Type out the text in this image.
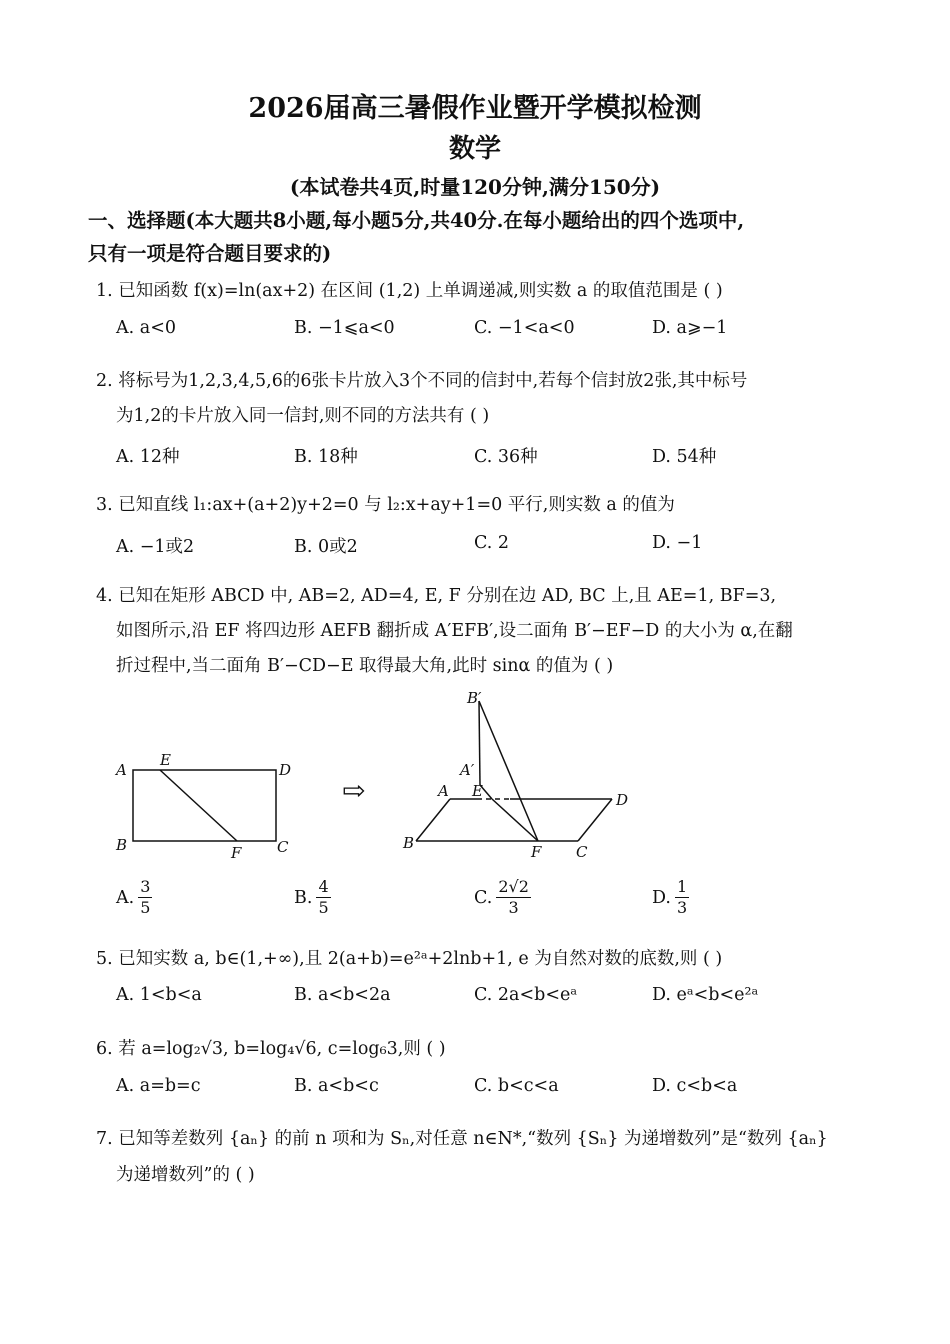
2026届高三暑假作业暨开学模拟检测
数学
(本试卷共4页,时量120分钟,满分150分)
一、选择题(本大题共8小题,每小题5分,共40分.在每小题给出的四个选项中,
只有一项是符合题目要求的)
1. 已知函数 f(x)=ln(ax+2) 在区间 (1,2) 上单调递减,则实数 a 的取值范围是 ( )
A. a<0	B. −1⩽a<0	C. −1<a<0	D. a⩾−1
2. 将标号为1,2,3,4,5,6的6张卡片放入3个不同的信封中,若每个信封放2张,其中标号
为1,2的卡片放入同一信封,则不同的方法共有 ( )
A. 12种	B. 18种	C. 36种	D. 54种
3. 已知直线 l₁:ax+(a+2)y+2=0 与 l₂:x+ay+1=0 平行,则实数 a 的值为
A. −1或2	B. 0或2	C. 2	D. −1
4. 已知在矩形 ABCD 中, AB=2, AD=4, E, F 分别在边 AD, BC 上,且 AE=1, BF=3,
如图所示,沿 EF 将四边形 AEFB 翻折成 A′EFB′,设二面角 B′−EF−D 的大小为 α,在翻
折过程中,当二面角 B′−CD−E 取得最大角,此时 sinα 的值为 ( )
A
E
D
B	F C
⇨
B′
A′
A E	D
B	F C
A. $\frac{3}{5}$	B. $\frac{4}{5}$	C. $\frac{2√2}{3}$	D. $\frac{1}{3}$
5. 已知实数 a, b∈(1,+∞),且 2(a+b)=e²ᵃ+2lnb+1, e 为自然对数的底数,则 ( )
A. 1<b<a	B. a<b<2a	C. 2a<b<eᵃ	D. eᵃ<b<e²ᵃ
6. 若 a=log₂√3, b=log₄√6, c=log₆3,则 ( )
A. a=b=c	B. a<b<c	C. b<c<a	D. c<b<a
7. 已知等差数列 {aₙ} 的前 n 项和为 Sₙ,对任意 n∈N*,“数列 {Sₙ} 为递增数列”是“数列 {aₙ}
为递增数列”的 ( )
